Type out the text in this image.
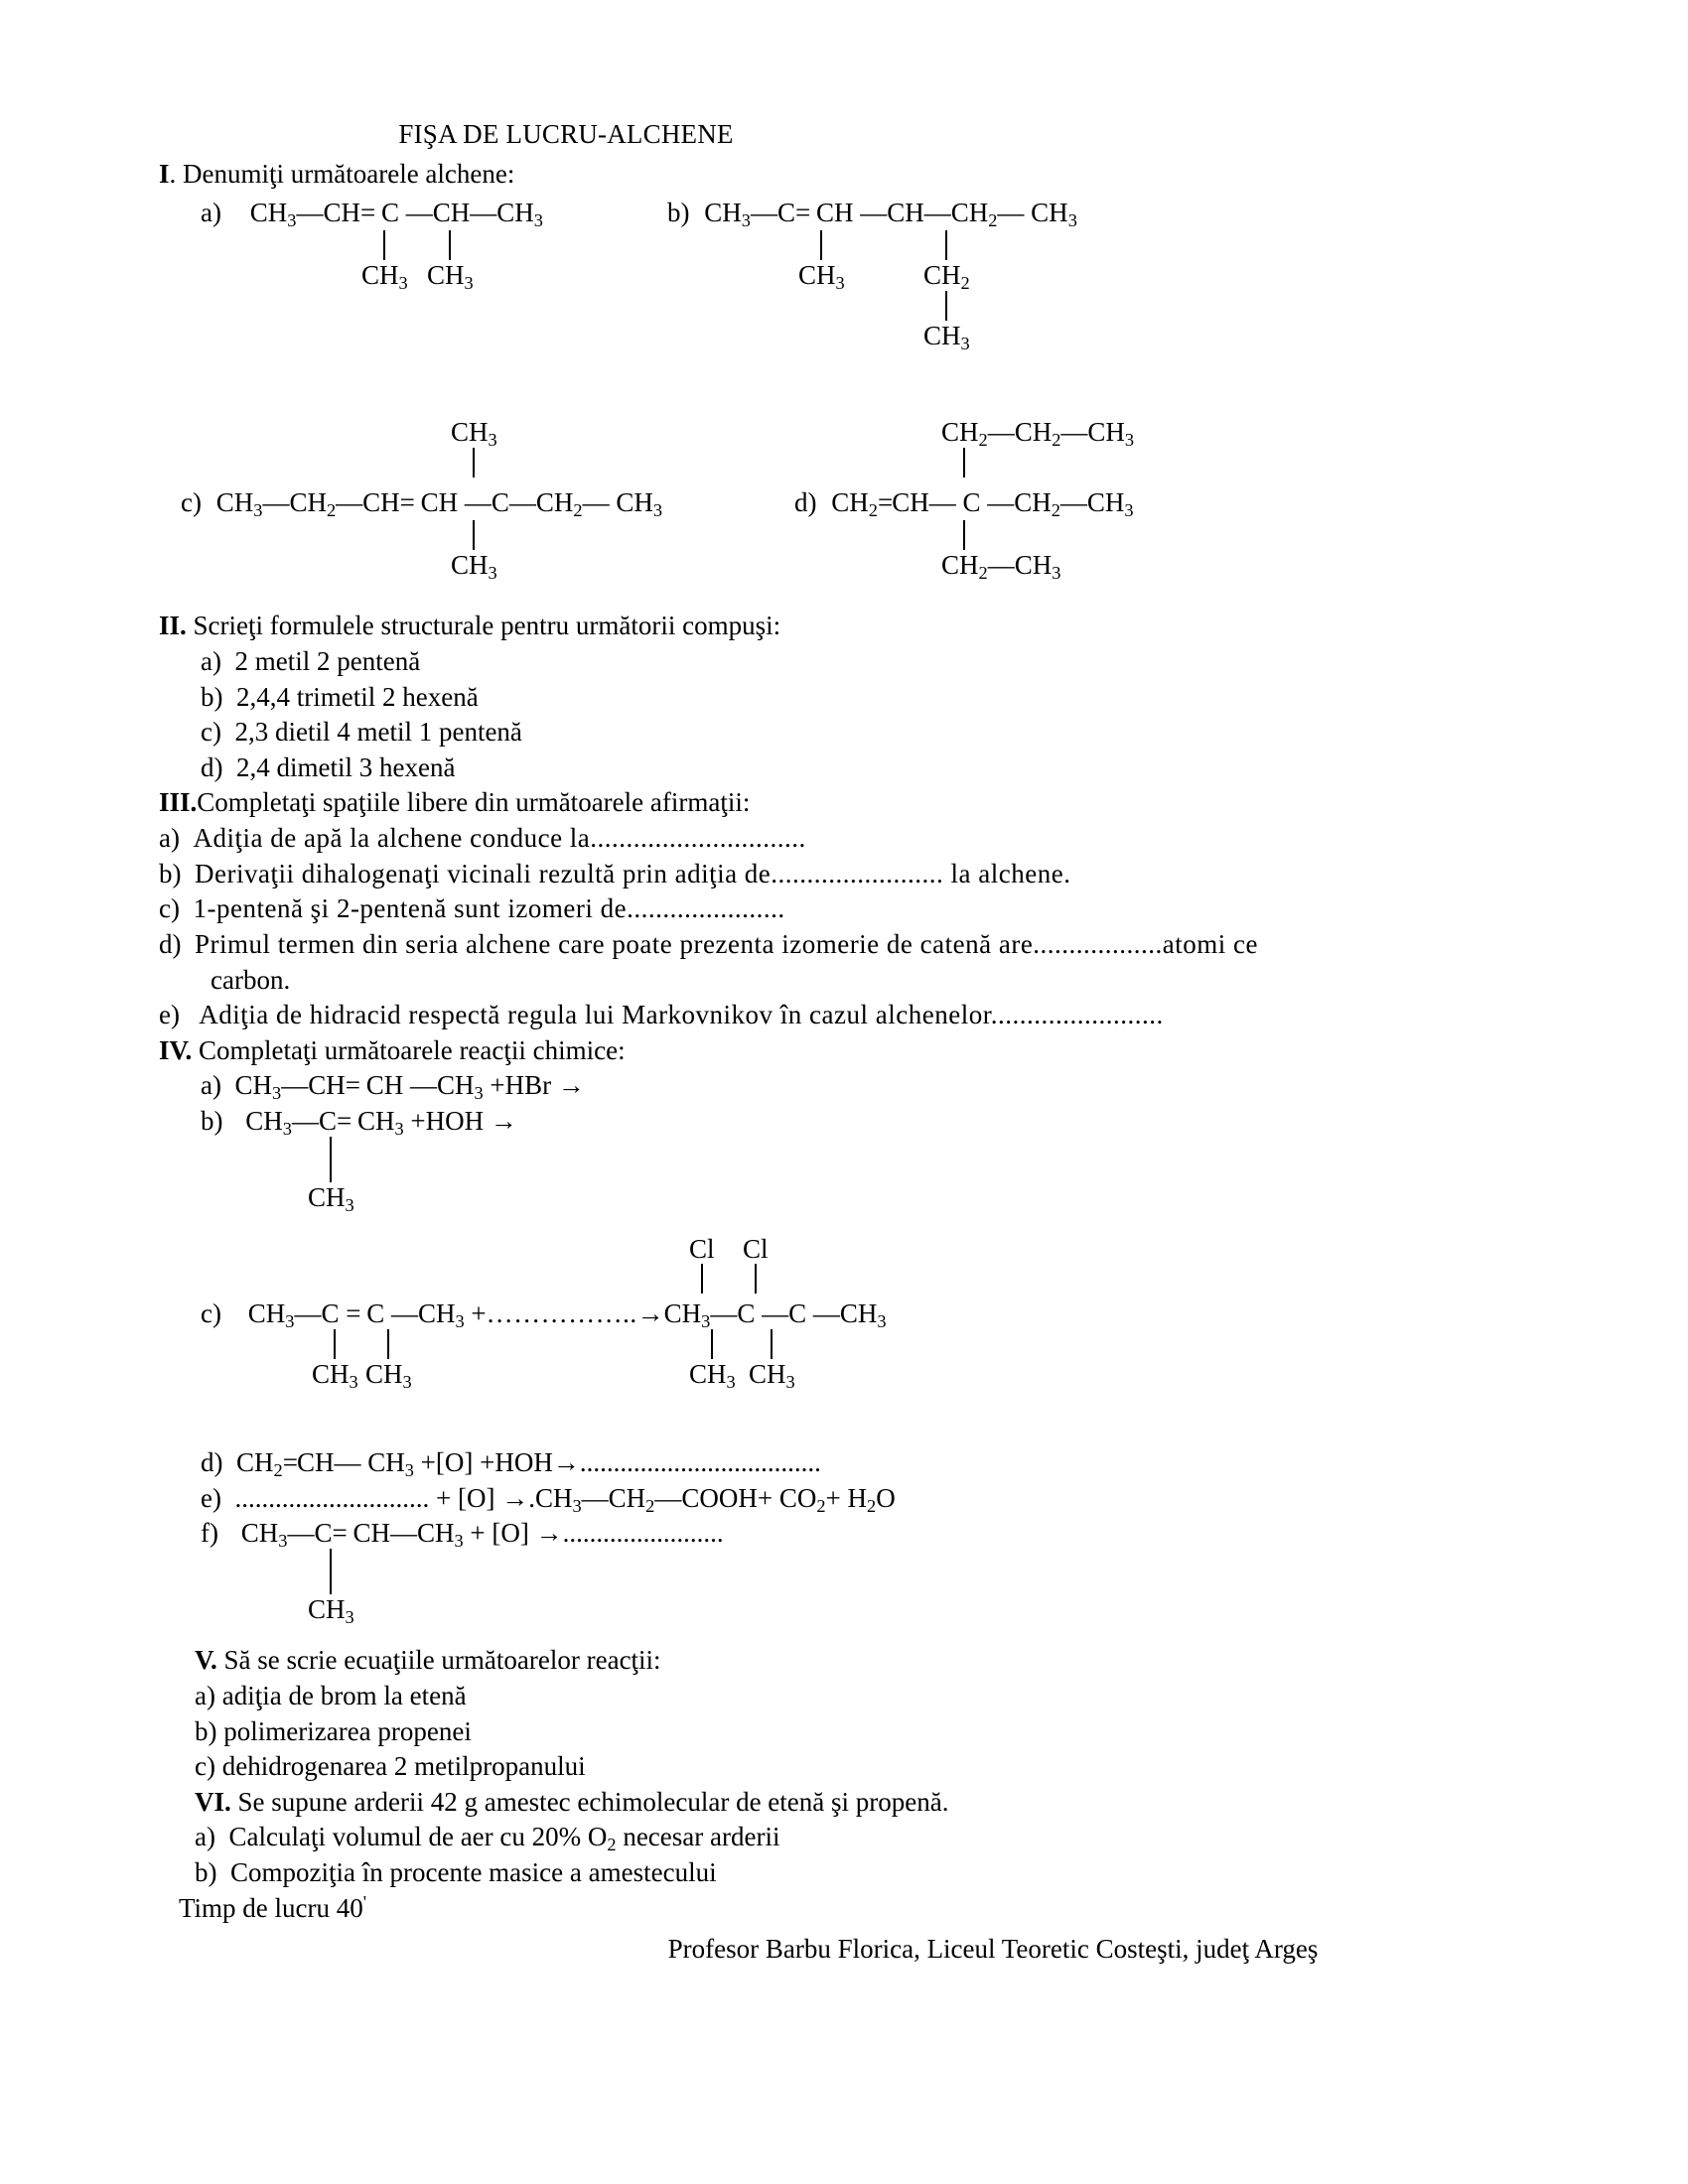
FIŞA DE LUCRU-ALCHENE
I. Denumiţi următoarele alchene:
a) $CH_3—CH= C$ $—CH—CH_3$
$CH_3$ $CH_3$
b) $CH_3—C=$ CH $—CH—CH_2—$ $CH_3$
$CH_3$	$CH_2$
$CH_3$
c) $CH_3—CH_2—CH=$ CH $—C—CH_2—$ $CH_3$
$CH_3$
$CH_3$
d) $CH_2=CH—$ C $—CH_2—CH_3$
$CH_2—CH_2—CH_3$
$CH_2—CH_3$
II. Scrieţi formulele structurale pentru următorii compuşi:
a) 2 metil 2 pentenă
b) 2,4,4 trimetil 2 hexenă
c) 2,3 dietil 4 metil 1 pentenă
d) 2,4 dimetil 3 hexenă
III.Completaţi spaţiile libere din următoarele afirmaţii:
a) Adiţia de apă la alchene conduce la..............................
b) Derivaţii dihalogenaţi vicinali rezultă prin adiţia de........................ la alchene.
c) 1-pentenă şi 2-pentenă sunt izomeri de......................
d) Primul termen din seria alchene care poate prezenta izomerie de catenă are..................atomi ce
carbon.
e)   Adiţia de hidracid respectă regula lui Markovnikov în cazul alchenelor........................
IV. Completaţi următoarele reacţii chimice:
a) $CH_3—CH=$ CH $—CH_3 +HBr$ →
b) $CH_3—C= CH_3 +HOH$ →
$CH_3$
c) $CH_3—C = C$ $—CH_3$ $+\dots\dots\dots\dots\dots..\to CH_3—C$ —C $—CH_3$
$CH_3$ $CH_3$
Cl Cl
$CH_3$ $CH_3$
d) $CH_2=CH—$ $CH_3 +[O] +HOH\to$....................................
e) ............................. + $[O] \to.CH_3—CH_2—COOH+ CO_2+ H_2O$
f) $CH_3—C=$ $CH—CH_3 + [O]$ →........................
$CH_3$
V. Să se scrie ecuaţiile următoarelor reacţii:
a) adiţia de brom la etenă
b) polimerizarea propenei
c) dehidrogenarea 2 metilpropanului
VI. Se supune arderii 42 g amestec echimolecular de etenă şi propenă.
a) Calculaţi volumul de aer cu 20% $O_2$ necesar arderii
b) Compoziţia în procente masice a amestecului
Timp de lucru 40'
Profesor Barbu Florica, Liceul Teoretic Costeşti, judeţ Argeş
